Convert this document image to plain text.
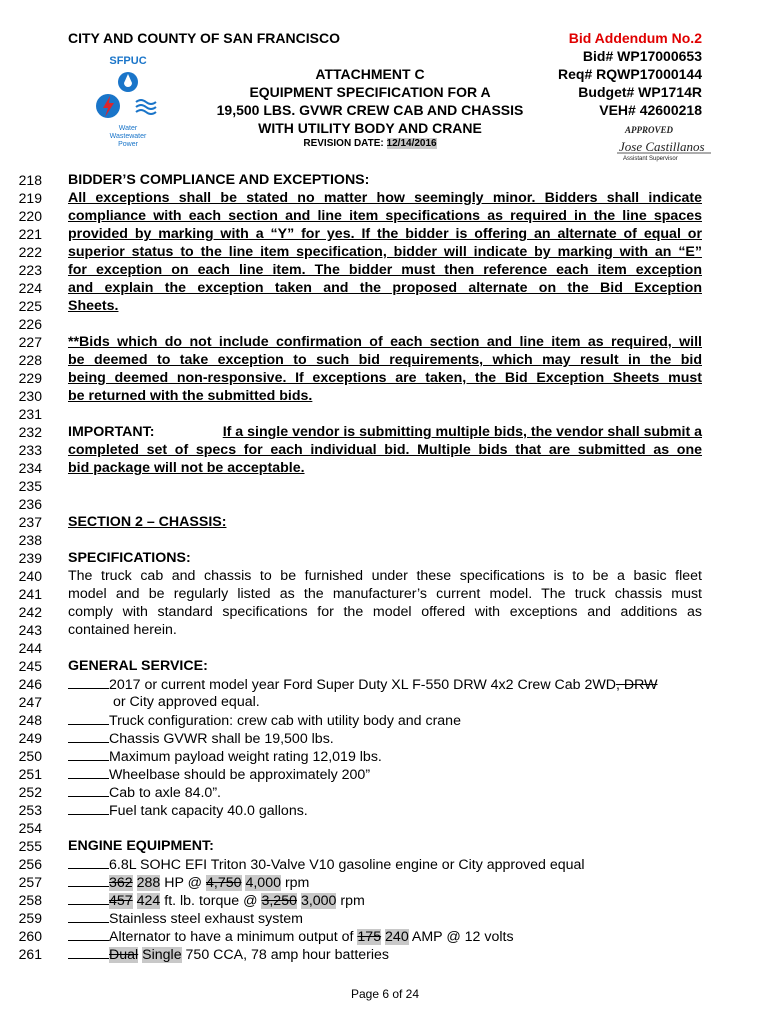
CITY AND COUNTY OF SAN FRANCISCO	Bid Addendum No.2
Bid# WP17000653
Req# RQWP17000144
Budget# WP1714R
VEH# 42600218
ATTACHMENT C
EQUIPMENT SPECIFICATION FOR A
19,500 LBS. GVWR CREW CAB AND CHASSIS
WITH UTILITY BODY AND CRANE
REVISION DATE: 12/14/2016
SFPUC
Water
Wastewater
Power
APPROVED
Jose Castillanos
Assistant Supervisor
218
219
220
221
222
223
224
225
226
227
228
229
230
231
232
233
234
235
236
237
238
239
240
241
242
243
244
245
246
247
248
249
250
251
252
253
254
255
256
257
258
259
260
261
BIDDER’S COMPLIANCE AND EXCEPTIONS:
All exceptions shall be stated no matter how seemingly minor. Bidders shall indicate
compliance with each section and line item specifications as required in the line spaces
provided by marking with a “Y” for yes. If the bidder is offering an alternate of equal or
superior status to the line item specification, bidder will indicate by marking with an “E”
for exception on each line item. The bidder must then reference each item exception
and explain the exception taken and the proposed alternate on the Bid Exception
Sheets.
**Bids which do not include confirmation of each section and line item as required, will
be deemed to take exception to such bid requirements, which may result in the bid
being deemed non-responsive. If exceptions are taken, the Bid Exception Sheets must
be returned with the submitted bids.
IMPORTANT:	If a single vendor is submitting multiple bids, the vendor shall submit a
completed set of specs for each individual bid. Multiple bids that are submitted as one
bid package will not be acceptable.
SECTION 2 – CHASSIS:
SPECIFICATIONS:
The truck cab and chassis to be furnished under these specifications is to be a basic fleet
model and be regularly listed as the manufacturer’s current model. The truck chassis must
comply with standard specifications for the model offered with exceptions and additions as
contained herein.
GENERAL SERVICE:
2017 or current model year Ford Super Duty XL F-550 DRW 4x2 Crew Cab 2WD, DRW
or City approved equal.
Truck configuration: crew cab with utility body and crane
Chassis GVWR shall be 19,500 lbs.
Maximum payload weight rating 12,019 lbs.
Wheelbase should be approximately 200”
Cab to axle 84.0”.
Fuel tank capacity 40.0 gallons.
ENGINE EQUIPMENT:
6.8L SOHC EFI Triton 30-Valve V10 gasoline engine or City approved equal
362 288 HP @ 4,750 4,000 rpm
457 424 ft. lb. torque @ 3,250 3,000 rpm
Stainless steel exhaust system
Alternator to have a minimum output of 175 240 AMP @ 12 volts
Dual Single 750 CCA, 78 amp hour batteries
Page 6 of 24
